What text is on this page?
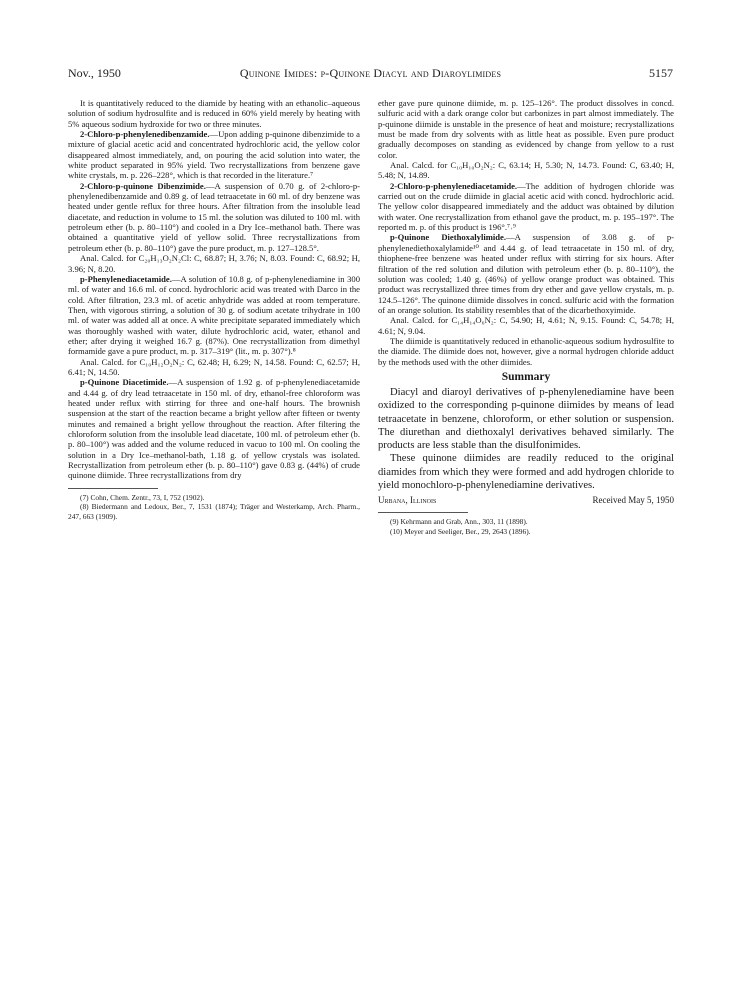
Nov., 1950	Quinone Imides: p-Quinone Diacyl and Diaroylimides	5157

It is quantitatively reduced to the diamide by heating with an ethanolic–aqueous solution of sodium hydrosulfite and is reduced in 60% yield merely by heating with 5% aqueous sodium hydroxide for two or three minutes.

2-Chloro-p-phenylenedibenzamide.—Upon adding p-quinone dibenzimide to a mixture of glacial acetic acid and concentrated hydrochloric acid, the yellow color disappeared almost immediately, and, on pouring the acid solution into water, the white product separated in 95% yield. Two recrystallizations from benzene gave white crystals, m. p. 226–228°, which is that recorded in the literature.⁷

2-Chloro-p-quinone Dibenzimide.—A suspension of 0.70 g. of 2-chloro-p-phenylenedibenzamide and 0.89 g. of lead tetraacetate in 60 ml. of dry benzene was heated under gentle reflux for three hours. After filtration from the insoluble lead diacetate, and reduction in volume to 15 ml. the solution was diluted to 100 ml. with petroleum ether (b. p. 80–110°) and cooled in a Dry Ice–methanol bath. There was obtained a quantitative yield of yellow solid. Three recrystallizations from petroleum ether (b. p. 80–110°) gave the pure product, m. p. 127–128.5°.

Anal. Calcd. for C₂₀H₁₃O₂N₂Cl: C, 68.87; H, 3.76; N, 8.03. Found: C, 68.92; H, 3.96; N, 8.20.

p-Phenylenediacetamide.—A solution of 10.8 g. of p-phenylenediamine in 300 ml. of water and 16.6 ml. of concd. hydrochloric acid was treated with Darco in the cold. After filtration, 23.3 ml. of acetic anhydride was added at room temperature. Then, with vigorous stirring, a solution of 30 g. of sodium acetate trihydrate in 100 ml. of water was added all at once. A white precipitate separated immediately which was thoroughly washed with water, dilute hydrochloric acid, water, ethanol and ether; after drying it weighed 16.7 g. (87%). One recrystallization from dimethyl formamide gave a pure product, m. p. 317–319° (lit., m. p. 307°).⁸

Anal. Calcd. for C₁₀H₁₂O₂N₂: C, 62.48; H, 6.29; N, 14.58. Found: C, 62.57; H, 6.41; N, 14.50.

p-Quinone Diacetimide.—A suspension of 1.92 g. of p-phenylenediacetamide and 4.44 g. of dry lead tetraacetate in 150 ml. of dry, ethanol-free chloroform was heated under reflux with stirring for three and one-half hours. The brownish suspension at the start of the reaction became a bright yellow after fifteen or twenty minutes and remained a bright yellow throughout the reaction. After filtering the chloroform solution from the insoluble lead diacetate, 100 ml. of petroleum ether (b. p. 80–100°) was added and the volume reduced in vacuo to 100 ml. On cooling the solution in a Dry Ice–methanol-bath, 1.18 g. of yellow crystals was isolated. Recrystallization from petroleum ether (b. p. 80–110°) gave 0.83 g. (44%) of crude quinone diimide. Three recrystallizations from dry

(7) Cohn, Chem. Zentr., 73, I, 752 (1902).

(8) Biedermann and Ledoux, Ber., 7, 1531 (1874); Träger and Westerkamp, Arch. Pharm., 247, 663 (1909).

ether gave pure quinone diimide, m. p. 125–126°. The product dissolves in concd. sulfuric acid with a dark orange color but carbonizes in part almost immediately. The p-quinone diimide is unstable in the presence of heat and moisture; recrystallizations must be made from dry solvents with as little heat as possible. Even pure product gradually decomposes on standing as evidenced by change from yellow to a rust color.

Anal. Calcd. for C₁₀H₁₀O₂N₂: C, 63.14; H, 5.30; N, 14.73. Found: C, 63.40; H, 5.48; N, 14.89.

2-Chloro-p-phenylenediacetamide.—The addition of hydrogen chloride was carried out on the crude diimide in glacial acetic acid with concd. hydrochloric acid. The yellow color disappeared immediately and the adduct was obtained by dilution with water. One recrystallization from ethanol gave the product, m. p. 195–197°. The reported m. p. of this product is 196°.⁷˒⁹

p-Quinone Diethoxalylimide.—A suspension of 3.08 g. of p-phenylenediethoxalylamide¹⁰ and 4.44 g. of lead tetraacetate in 150 ml. of dry, thiophene-free benzene was heated under reflux with stirring for six hours. After filtration of the red solution and dilution with petroleum ether (b. p. 80–110°), the solution was cooled; 1.40 g. (46%) of yellow orange product was obtained. This product was recrystallized three times from dry ether and gave yellow crystals, m. p. 124.5–126°. The quinone diimide dissolves in concd. sulfuric acid with the formation of an orange solution. Its stability resembles that of the dicarbethoxyimide.

Anal. Calcd. for C₁₄H₁₄O₆N₂: C, 54.90; H, 4.61; N, 9.15. Found: C, 54.78; H, 4.61; N, 9.04.

The diimide is quantitatively reduced in ethanolic-aqueous sodium hydrosulfite to the diamide. The diimide does not, however, give a normal hydrogen chloride adduct by the methods used with the other diimides.

Summary

Diacyl and diaroyl derivatives of p-phenylenediamine have been oxidized to the corresponding p-quinone diimides by means of lead tetraacetate in benzene, chloroform, or ether solution or suspension. The diurethan and diethoxalyl derivatives behaved similarly. The products are less stable than the disulfonimides.

These quinone diimides are readily reduced to the original diamides from which they were formed and add hydrogen chloride to yield monochloro-p-phenylenediamine derivatives.

Urbana, Illinois	Received May 5, 1950

(9) Kehrmann and Grab, Ann., 303, 11 (1898).

(10) Meyer and Seeliger, Ber., 29, 2643 (1896).
